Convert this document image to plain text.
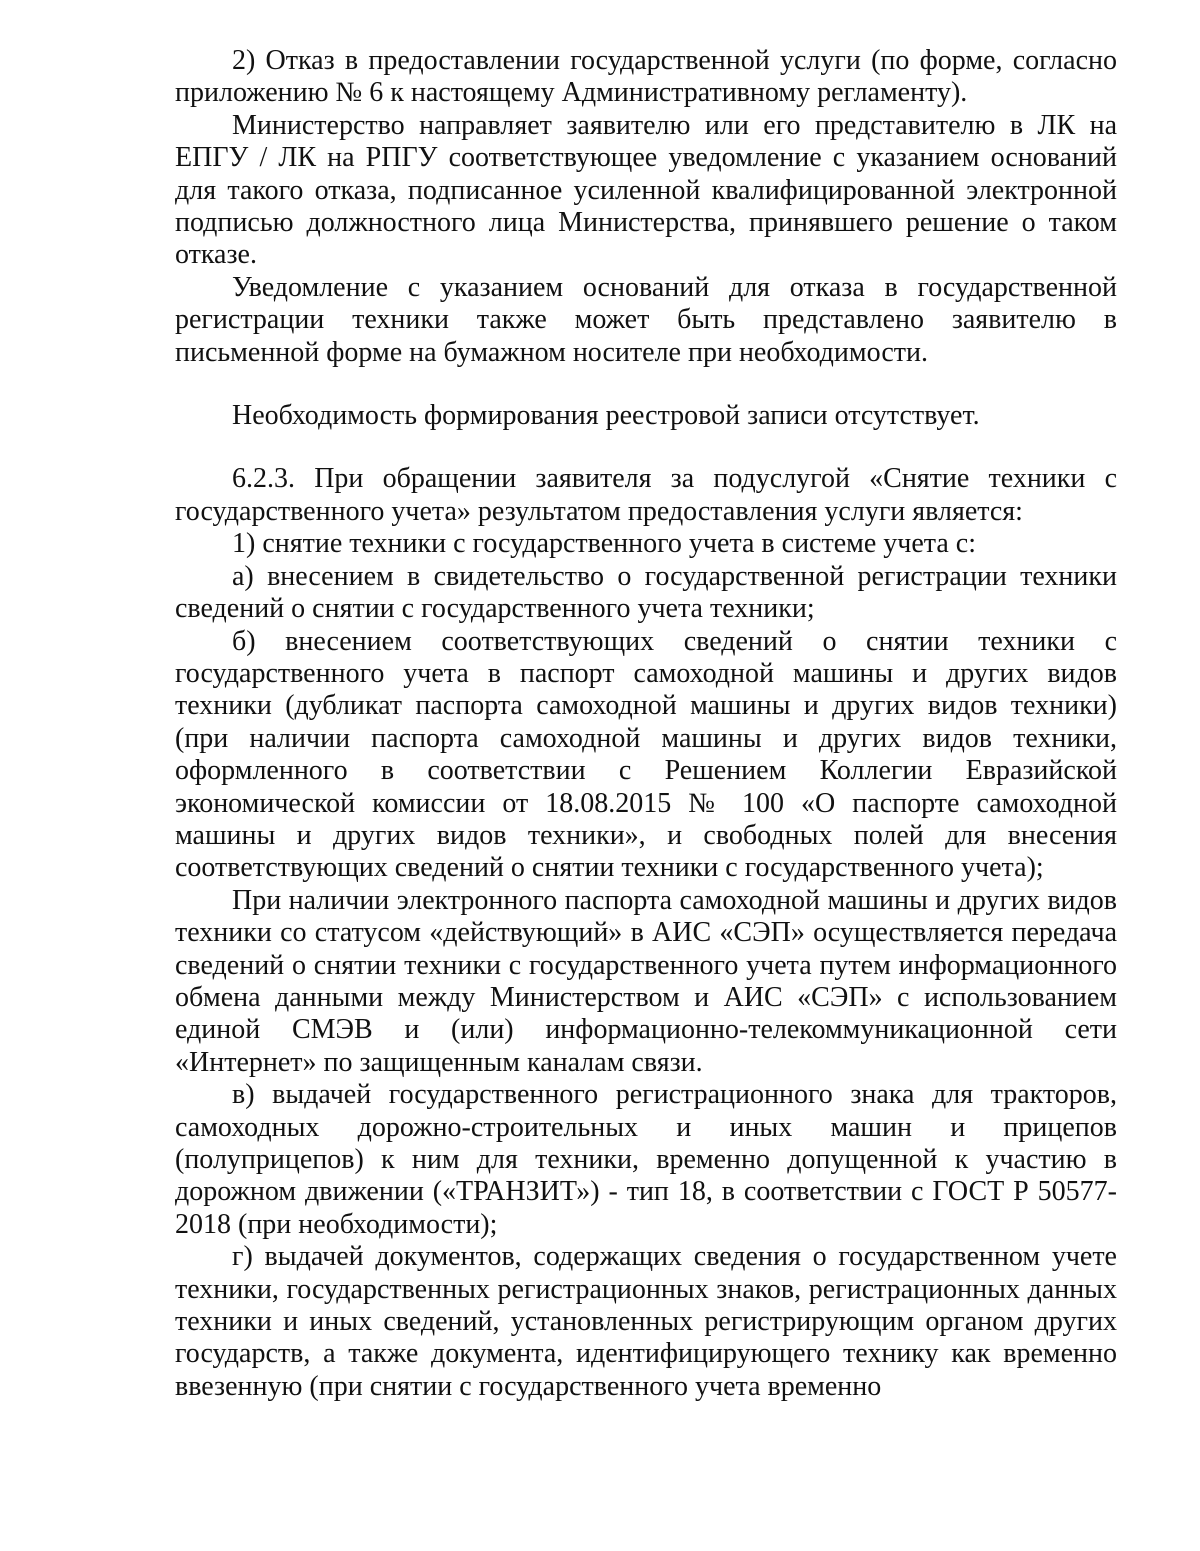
2) Отказ в предоставлении государственной услуги (по форме, согласно приложению № 6 к настоящему Административному регламенту).

Министерство направляет заявителю или его представителю в ЛК на ЕПГУ / ЛК на РПГУ соответствующее уведомление с указанием оснований для такого отказа, подписанное усиленной квалифицированной электронной подписью должностного лица Министерства, принявшего решение о таком отказе.

Уведомление с указанием оснований для отказа в государственной регистрации техники также может быть представлено заявителю в письменной форме на бумажном носителе при необходимости.

Необходимость формирования реестровой записи отсутствует.

6.2.3. При обращении заявителя за подуслугой «Снятие техники с государственного учета» результатом предоставления услуги является:

1) снятие техники с государственного учета в системе учета с:

а) внесением в свидетельство о государственной регистрации техники сведений о снятии с государственного учета техники;

б) внесением соответствующих сведений о снятии техники с государственного учета в паспорт самоходной машины и других видов техники (дубликат паспорта самоходной машины и других видов техники) (при наличии паспорта самоходной машины и других видов техники, оформленного в соответствии с Решением Коллегии Евразийской экономической комиссии от 18.08.2015 № 100 «О паспорте самоходной машины и других видов техники», и свободных полей для внесения соответствующих сведений о снятии техники с государственного учета);

При наличии электронного паспорта самоходной машины и других видов техники со статусом «действующий» в АИС «СЭП» осуществляется передача сведений о снятии техники с государственного учета путем информационного обмена данными между Министерством и АИС «СЭП» с использованием единой СМЭВ и (или) информационно-телекоммуникационной сети «Интернет» по защищенным каналам связи.

в) выдачей государственного регистрационного знака для тракторов, самоходных дорожно-строительных и иных машин и прицепов (полуприцепов) к ним для техники, временно допущенной к участию в дорожном движении («ТРАНЗИТ») - тип 18, в соответствии с ГОСТ Р 50577-2018 (при необходимости);

г) выдачей документов, содержащих сведения о государственном учете техники, государственных регистрационных знаков, регистрационных данных техники и иных сведений, установленных регистрирующим органом других государств, а также документа, идентифицирующего технику как временно ввезенную (при снятии с государственного учета временно
